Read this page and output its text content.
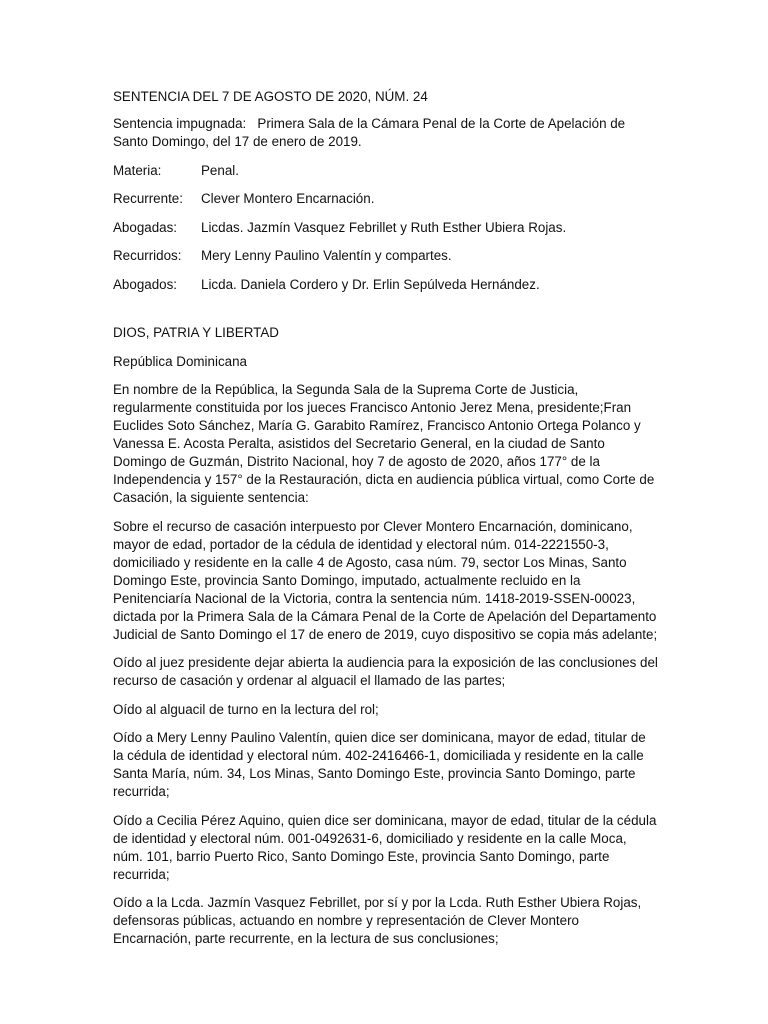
SENTENCIA DEL 7 DE AGOSTO DE 2020, NÚM. 24

Sentencia impugnada:   Primera Sala de la Cámara Penal de la Corte de Apelación de Santo Domingo, del 17 de enero de 2019.

Materia:	Penal.
Recurrente:	Clever Montero Encarnación.
Abogadas:	Licdas. Jazmín Vasquez Febrillet y Ruth Esther Ubiera Rojas.
Recurridos:	Mery Lenny Paulino Valentín y compartes.
Abogados:	Licda. Daniela Cordero y Dr. Erlin Sepúlveda Hernández.

DIOS, PATRIA Y LIBERTAD

República Dominicana

En nombre de la República, la Segunda Sala de la Suprema Corte de Justicia, regularmente constituida por los jueces Francisco Antonio Jerez Mena, presidente;Fran Euclides Soto Sánchez, María G. Garabito Ramírez, Francisco Antonio Ortega Polanco y Vanessa E. Acosta Peralta, asistidos del Secretario General, en la ciudad de Santo Domingo de Guzmán, Distrito Nacional, hoy 7 de agosto de 2020, años 177° de la Independencia y 157° de la Restauración, dicta en audiencia pública virtual, como Corte de Casación, la siguiente sentencia:

Sobre el recurso de casación interpuesto por Clever Montero Encarnación, dominicano, mayor de edad, portador de la cédula de identidad y electoral núm. 014-2221550-3, domiciliado y residente en la calle 4 de Agosto, casa núm. 79, sector Los Minas, Santo Domingo Este, provincia Santo Domingo, imputado, actualmente recluido en la Penitenciaría Nacional de la Victoria, contra la sentencia núm. 1418-2019-SSEN-00023, dictada por la Primera Sala de la Cámara Penal de la Corte de Apelación del Departamento Judicial de Santo Domingo el 17 de enero de 2019, cuyo dispositivo se copia más adelante;

Oído al juez presidente dejar abierta la audiencia para la exposición de las conclusiones del recurso de casación y ordenar al alguacil el llamado de las partes;

Oído al alguacil de turno en la lectura del rol;

Oído a Mery Lenny Paulino Valentín, quien dice ser dominicana, mayor de edad, titular de la cédula de identidad y electoral núm. 402-2416466-1, domiciliada y residente en la calle Santa María, núm. 34, Los Minas, Santo Domingo Este, provincia Santo Domingo, parte recurrida;

Oído a Cecilia Pérez Aquino, quien dice ser dominicana, mayor de edad, titular de la cédula de identidad y electoral núm. 001-0492631-6, domiciliado y residente en la calle Moca, núm. 101, barrio Puerto Rico, Santo Domingo Este, provincia Santo Domingo, parte recurrida;

Oído a la Lcda. Jazmín Vasquez Febrillet, por sí y por la Lcda. Ruth Esther Ubiera Rojas, defensoras públicas, actuando en nombre y representación de Clever Montero Encarnación, parte recurrente, en la lectura de sus conclusiones;
